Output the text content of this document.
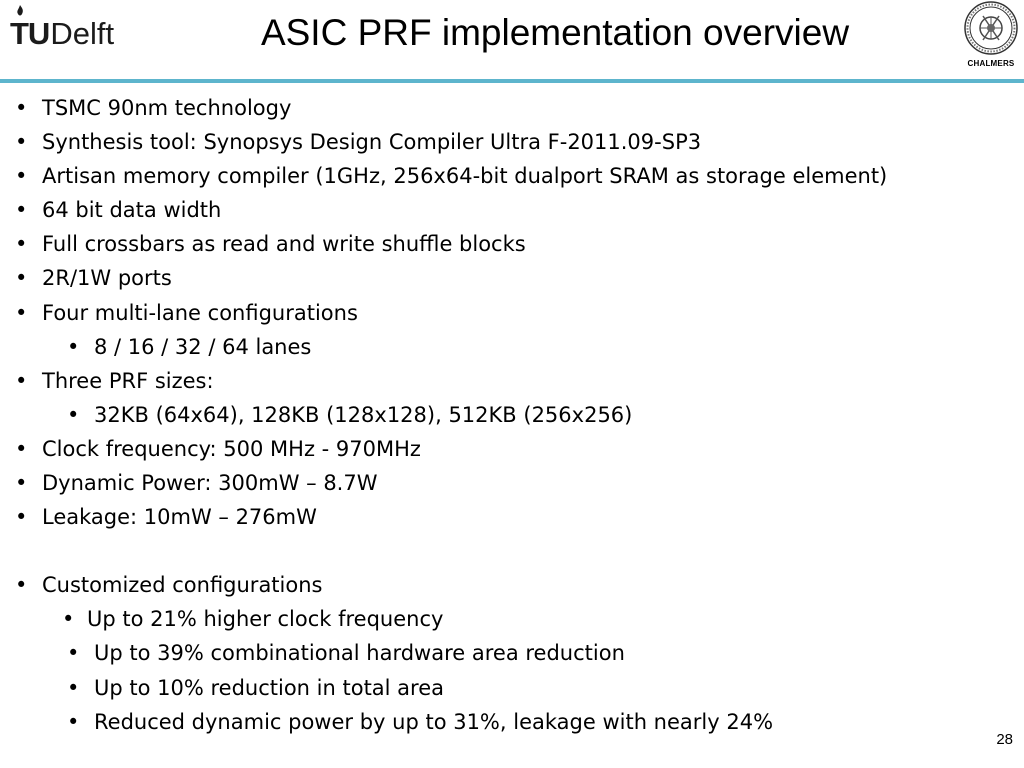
TU Delft	ASIC PRF implementation overview
CHALMERS
• TSMC 90nm technology
• Synthesis tool: Synopsys Design Compiler Ultra F-2011.09-SP3
• Artisan memory compiler (1GHz, 256x64-bit dualport SRAM as storage element)
• 64 bit data width
• Full crossbars as read and write shuffle blocks
• 2R/1W ports
• Four multi-lane configurations
• 8 / 16 / 32 / 64 lanes
• Three PRF sizes:
• 32KB (64x64), 128KB (128x128), 512KB (256x256)
• Clock frequency: 500 MHz - 970MHz
• Dynamic Power: 300mW – 8.7W
• Leakage: 10mW – 276mW
• Customized configurations
• Up to 21% higher clock frequency
• Up to 39% combinational hardware area reduction
• Up to 10% reduction in total area
• Reduced dynamic power by up to 31%, leakage with nearly 24%
28
